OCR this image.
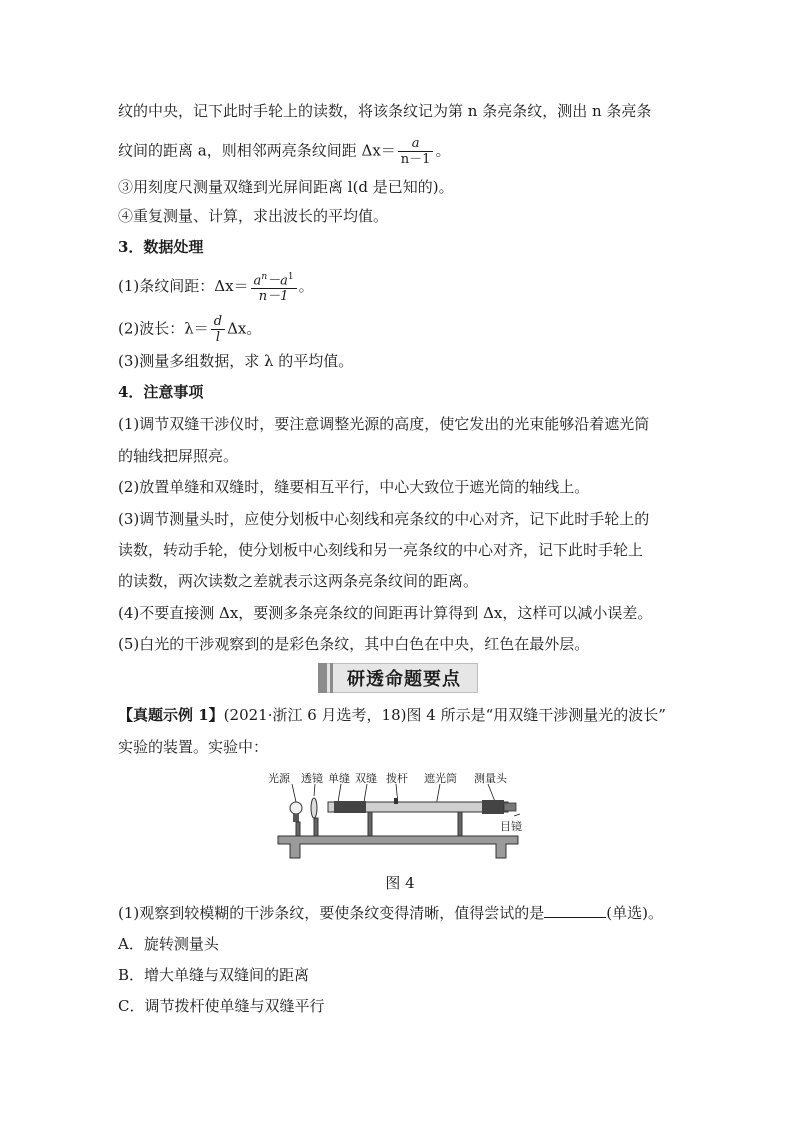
纹的中央，记下此时手轮上的读数，将该条纹记为第 n 条亮条纹，测出 n 条亮条
纹间的距离 a，则相邻两亮条纹间距 $\Delta x= \frac{a}{n-1}$ 。
③用刻度尺测量双缝到光屏间距离 l(d 是已知的)。
④重复测量、计算，求出波长的平均值。
3．数据处理
(1)条纹间距：$\Delta x= \frac{a^n-a^1}{n-1}$ 。
(2)波长：$\lambda= \frac{d}{l}$ Δx。
(3)测量多组数据，求 λ 的平均值。
4．注意事项
(1)调节双缝干涉仪时，要注意调整光源的高度，使它发出的光束能够沿着遮光筒
的轴线把屏照亮。
(2)放置单缝和双缝时，缝要相互平行，中心大致位于遮光筒的轴线上。
(3)调节测量头时，应使分划板中心刻线和亮条纹的中心对齐，记下此时手轮上的
读数，转动手轮，使分划板中心刻线和另一亮条纹的中心对齐，记下此时手轮上
的读数，两次读数之差就表示这两条亮条纹间的距离。
(4)不要直接测 Δx，要测多条亮条纹的间距再计算得到 Δx，这样可以减小误差。
(5)白光的干涉观察到的是彩色条纹，其中白色在中央，红色在最外层。
研透命题要点
【真题示例 1】(2021·浙江 6 月选考，18)图 4 所示是“用双缝干涉测量光的波长”
实验的装置。实验中：
光源 透镜 单缝 双缝 拨杆 遮光筒 测量头
目镜
图 4
(1)观察到较模糊的干涉条纹，要使条纹变得清晰，值得尝试的是	(单选)。
A．旋转测量头
B．增大单缝与双缝间的距离
C．调节拨杆使单缝与双缝平行
